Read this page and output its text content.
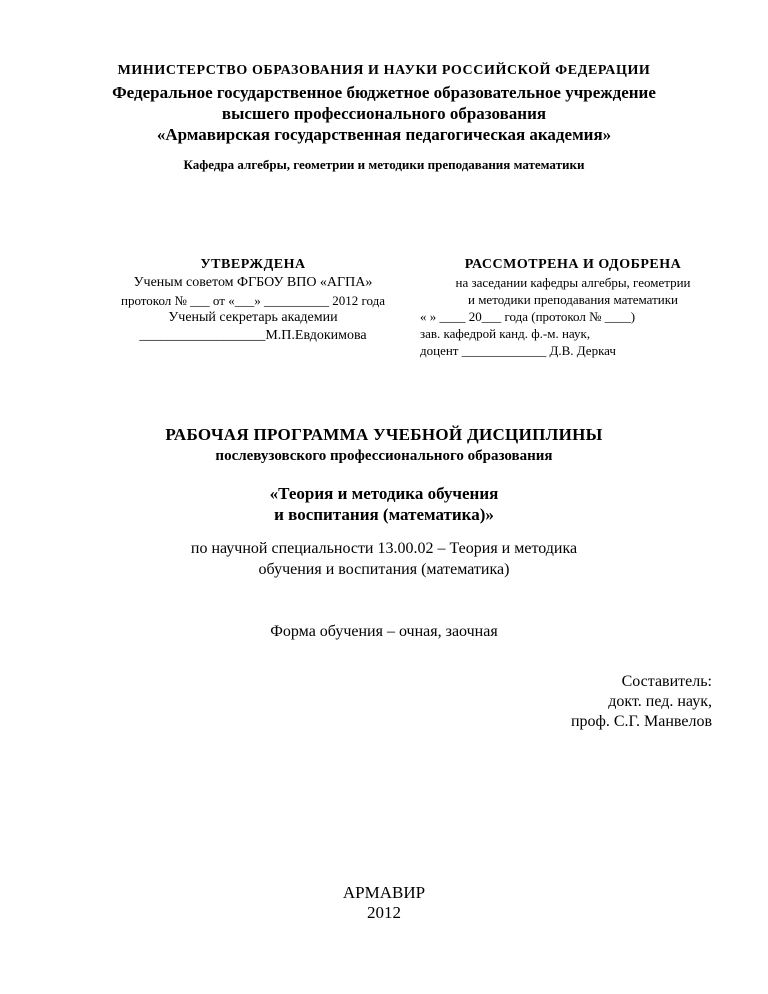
МИНИСТЕРСТВО ОБРАЗОВАНИЯ И НАУКИ РОССИЙСКОЙ ФЕДЕРАЦИИ
Федеральное государственное бюджетное образовательное учреждение
высшего профессионального образования
«Армавирская государственная педагогическая академия»
Кафедра алгебры, геометрии и методики преподавания математики
УТВЕРЖДЕНА
Ученым советом ФГБОУ ВПО «АГПА»
протокол № ___ от «___» __________ 2012 года
Ученый секретарь академии
__________________М.П.Евдокимова
РАССМОТРЕНА И ОДОБРЕНА
на заседании кафедры алгебры, геометрии
и методики преподавания математики
« » ____ 20___ года (протокол № ____)
зав. кафедрой канд. ф.-м. наук,
доцент _____________ Д.В. Деркач
РАБОЧАЯ ПРОГРАММА УЧЕБНОЙ ДИСЦИПЛИНЫ
послевузовского профессионального образования
«Теория и методика обучения
и воспитания (математика)»
по научной специальности 13.00.02 – Теория и методика
обучения и воспитания (математика)
Форма обучения – очная, заочная
Составитель:
докт. пед. наук,
проф. С.Г. Манвелов
АРМАВИР
2012
